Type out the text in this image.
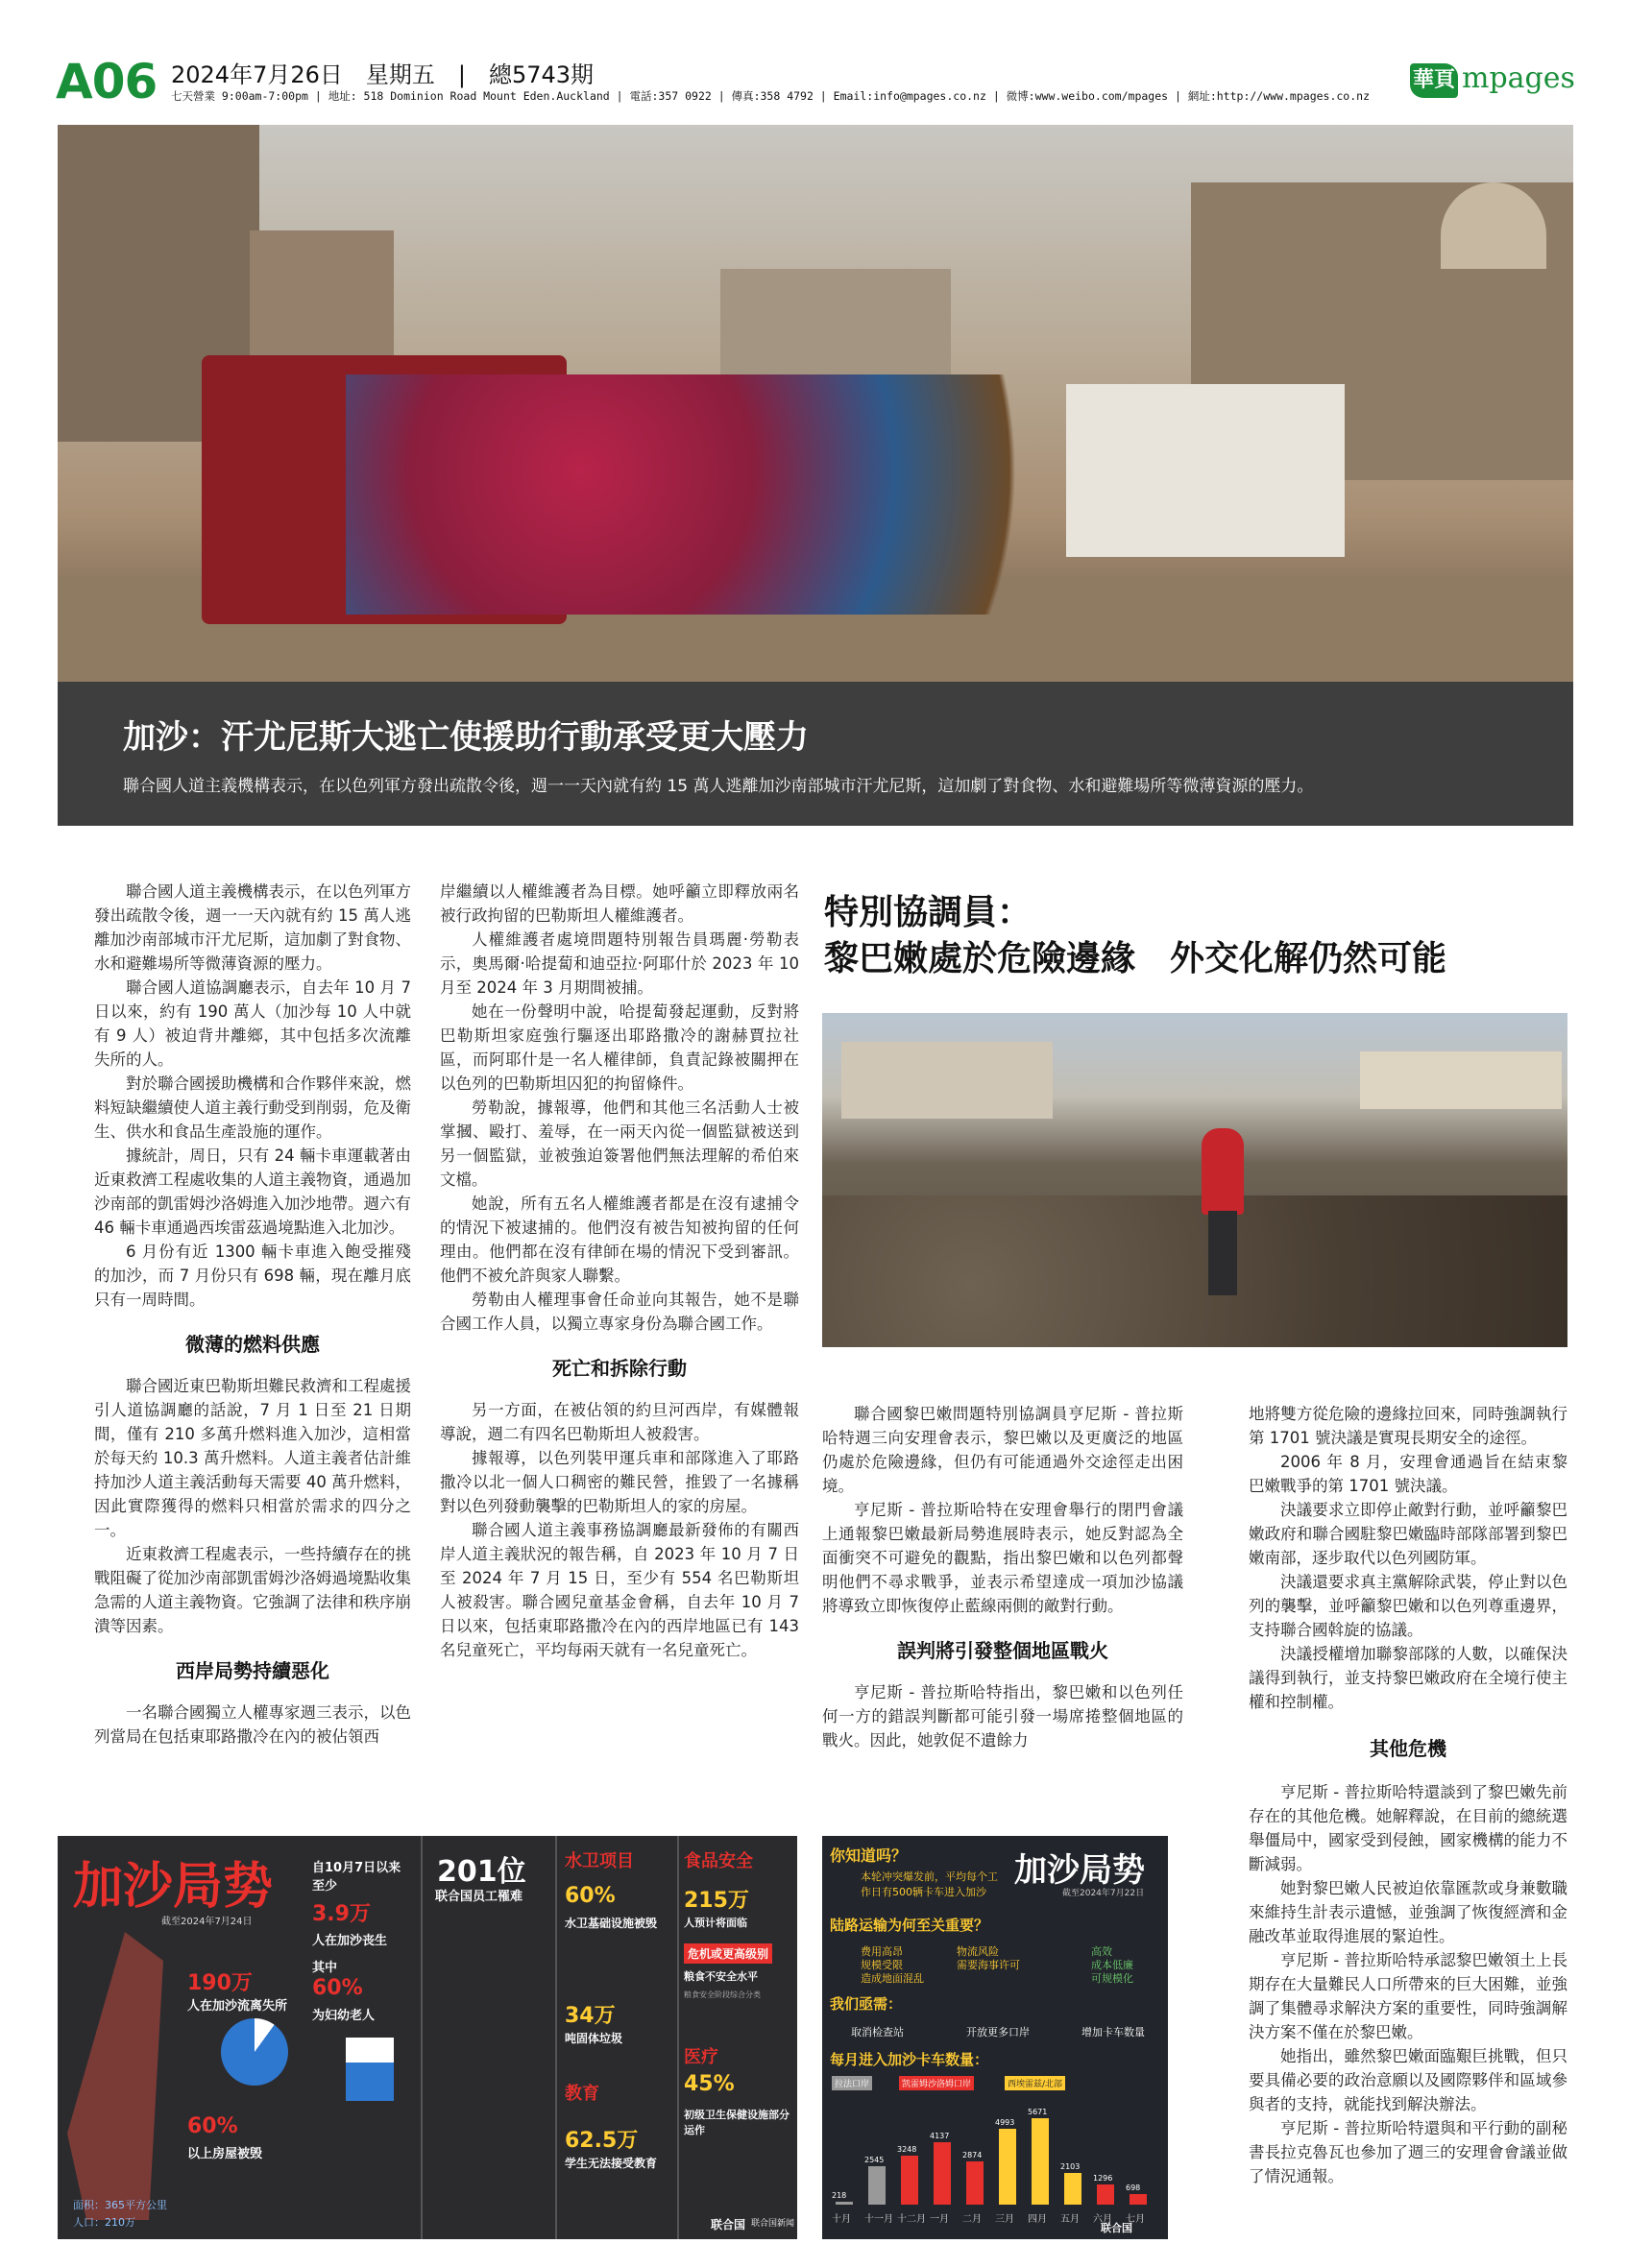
A06 2024年7月26日　星期五　|　總5743期
七天營業 9:00am-7:00pm | 地址: 518 Dominion Road Mount Eden.Auckland | 電話:357 0922 | 傳真:358 4792 | Email:info@mpages.co.nz | 微博:www.weibo.com/mpages | 網址:http://www.mpages.co.nz
華頁 mpages
加沙：汗尤尼斯大逃亡使援助行動承受更大壓力
聯合國人道主義機構表示，在以色列軍方發出疏散令後，週一一天內就有約 15 萬人逃離加沙南部城市汗尤尼斯，這加劇了對食物、水和避難場所等微薄資源的壓力。

聯合國人道主義機構表示，在以色列軍方發出疏散令後，週一一天內就有約 15 萬人逃離加沙南部城市汗尤尼斯，這加劇了對食物、水和避難場所等微薄資源的壓力。

聯合國人道協調廳表示，自去年 10 月 7 日以來，約有 190 萬人（加沙每 10 人中就有 9 人）被迫背井離鄉，其中包括多次流離失所的人。

對於聯合國援助機構和合作夥伴來說，燃料短缺繼續使人道主義行動受到削弱，危及衛生、供水和食品生產設施的運作。

據統計，周日，只有 24 輛卡車運載著由近東救濟工程處收集的人道主義物資，通過加沙南部的凱雷姆沙洛姆進入加沙地帶。週六有 46 輛卡車通過西埃雷茲過境點進入北加沙。

6 月份有近 1300 輛卡車進入飽受摧殘的加沙，而 7 月份只有 698 輛，現在離月底只有一周時間。

微薄的燃料供應

聯合國近東巴勒斯坦難民救濟和工程處援引人道協調廳的話說，7 月 1 日至 21 日期間，僅有 210 多萬升燃料進入加沙，這相當於每天約 10.3 萬升燃料。人道主義者估計維持加沙人道主義活動每天需要 40 萬升燃料，因此實際獲得的燃料只相當於需求的四分之一。

近東救濟工程處表示，一些持續存在的挑戰阻礙了從加沙南部凱雷姆沙洛姆過境點收集急需的人道主義物資。它強調了法律和秩序崩潰等因素。

西岸局勢持續惡化

一名聯合國獨立人權專家週三表示，以色列當局在包括東耶路撒冷在內的被佔領西

岸繼續以人權維護者為目標。她呼籲立即釋放兩名被行政拘留的巴勒斯坦人權維護者。

人權維護者處境問題特別報告員瑪麗·勞勒表示，奧馬爾·哈提蔔和迪亞拉·阿耶什於 2023 年 10 月至 2024 年 3 月期間被捕。

她在一份聲明中說，哈提蔔發起運動，反對將巴勒斯坦家庭強行驅逐出耶路撒冷的謝赫賈拉社區，而阿耶什是一名人權律師，負責記錄被關押在以色列的巴勒斯坦囚犯的拘留條件。

勞勒說，據報導，他們和其他三名活動人士被掌摑、毆打、羞辱，在一兩天內從一個監獄被送到另一個監獄，並被強迫簽署他們無法理解的希伯來文檔。

她說，所有五名人權維護者都是在沒有逮捕令的情況下被逮捕的。他們沒有被告知被拘留的任何理由。他們都在沒有律師在場的情況下受到審訊。他們不被允許與家人聯繫。

勞勒由人權理事會任命並向其報告，她不是聯合國工作人員，以獨立專家身份為聯合國工作。

死亡和拆除行動

另一方面，在被佔領的約旦河西岸，有媒體報導說，週二有四名巴勒斯坦人被殺害。

據報導，以色列裝甲運兵車和部隊進入了耶路撒冷以北一個人口稠密的難民營，推毀了一名據稱對以色列發動襲擊的巴勒斯坦人的家的房屋。

聯合國人道主義事務協調廳最新發佈的有關西岸人道主義狀況的報告稱，自 2023 年 10 月 7 日至 2024 年 7 月 15 日，至少有 554 名巴勒斯坦人被殺害。聯合國兒童基金會稱，自去年 10 月 7 日以來，包括東耶路撒冷在內的西岸地區已有 143 名兒童死亡，平均每兩天就有一名兒童死亡。

特別協調員：
黎巴嫩處於危險邊緣　外交化解仍然可能

聯合國黎巴嫩問題特別協調員亨尼斯 - 普拉斯哈特週三向安理會表示，黎巴嫩以及更廣泛的地區仍處於危險邊緣，但仍有可能通過外交途徑走出困境。

亨尼斯 - 普拉斯哈特在安理會舉行的閉門會議上通報黎巴嫩最新局勢進展時表示，她反對認為全面衝突不可避免的觀點，指出黎巴嫩和以色列都聲明他們不尋求戰爭，並表示希望達成一項加沙協議將導致立即恢復停止藍線兩側的敵對行動。

誤判將引發整個地區戰火

亨尼斯 - 普拉斯哈特指出，黎巴嫩和以色列任何一方的錯誤判斷都可能引發一場席捲整個地區的戰火。因此，她敦促不遺餘力

地將雙方從危險的邊緣拉回來，同時強調執行第 1701 號決議是實現長期安全的途徑。

2006 年 8 月，安理會通過旨在結束黎巴嫩戰爭的第 1701 號決議。

決議要求立即停止敵對行動，並呼籲黎巴嫩政府和聯合國駐黎巴嫩臨時部隊部署到黎巴嫩南部，逐步取代以色列國防軍。

決議還要求真主黨解除武裝，停止對以色列的襲擊，並呼籲黎巴嫩和以色列尊重邊界，支持聯合國斡旋的協議。

決議授權增加聯黎部隊的人數，以確保決議得到執行，並支持黎巴嫩政府在全境行使主權和控制權。

其他危機

亨尼斯 - 普拉斯哈特還談到了黎巴嫩先前存在的其他危機。她解釋說，在目前的總統選舉僵局中，國家受到侵蝕，國家機構的能力不斷減弱。

她對黎巴嫩人民被迫依靠匯款或身兼數職來維持生計表示遺憾，並強調了恢復經濟和金融改革並取得進展的緊迫性。

亨尼斯 - 普拉斯哈特承認黎巴嫩領土上長期存在大量難民人口所帶來的巨大困難，並強調了集體尋求解決方案的重要性，同時強調解決方案不僅在於黎巴嫩。

她指出，雖然黎巴嫩面臨艱巨挑戰，但只要具備必要的政治意願以及國際夥伴和區域參與者的支持，就能找到解決辦法。

亨尼斯 - 普拉斯哈特還與和平行動的副秘書長拉克魯瓦也參加了週三的安理會會議並做了情況通報。

加沙局势
截至2024年7月24日
自10月7日以来至少
3.9万
人在加沙丧生
190万
人在加沙流离失所
其中
60%
为妇幼老人
60%
以上房屋被毁
面积：365平方公里
人口：210万
201位
联合国员工罹难
水卫项目
60%
水卫基础设施被毁
34万
吨固体垃圾
教育
62.5万
学生无法接受教育
食品安全
215万
人预计将面临
危机或更高级别
粮食不安全水平
粮食安全阶段综合分类
医疗
45%
初级卫生保健设施部分运作
联合国 联合国新闻
你知道吗？
本轮冲突爆发前，平均每个工作日有500辆卡车进入加沙
加沙局势
截至2024年7月22日
陆路运输为何至关重要？
费用高昂
规模受限
造成地面混乱
物流风险
需要海事许可
高效
成本低廉
可规模化
我们亟需：
取消检查站	开放更多口岸	增加卡车数量
每月进入加沙卡车数量：
拉法口岸	凯雷姆沙洛姆口岸	西埃雷兹/北部
218
2545
3248
4137
2874
4993
5671
2103
1296
698
联合国
十月 十一月 十二月 一月 二月 三月 四月 五月 六月 七月
